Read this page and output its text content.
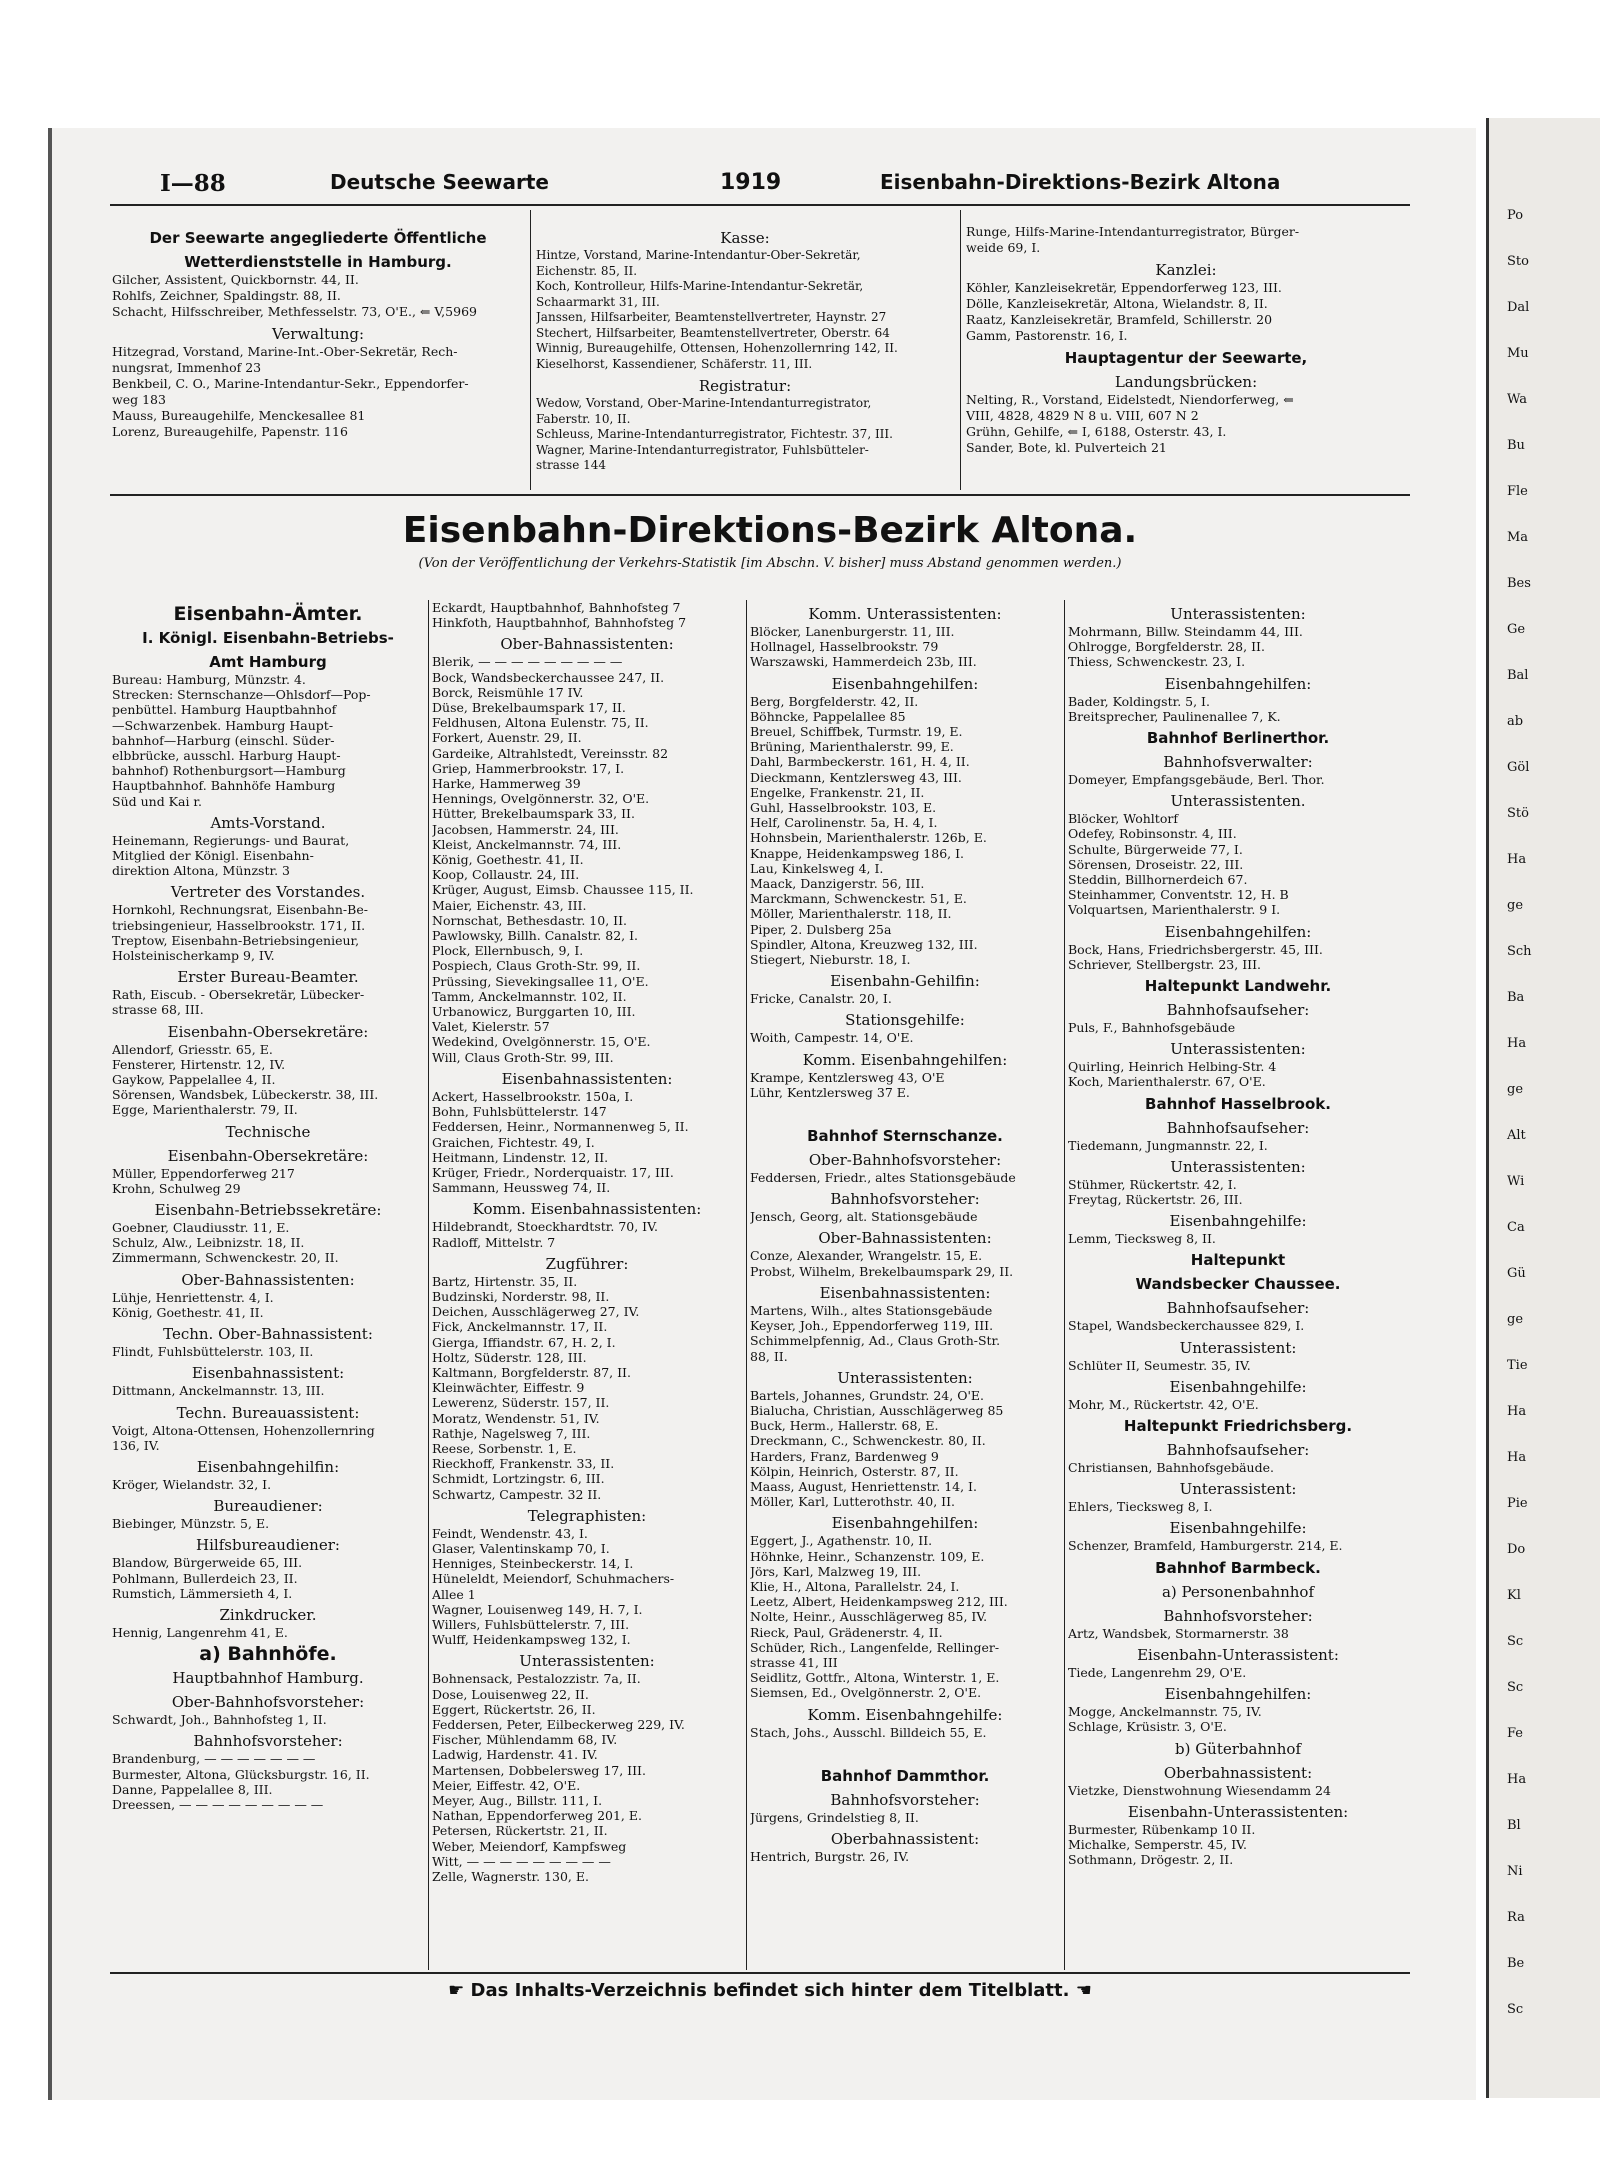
Po
Sto
Dal
Mu
Wa
Bu
Fle
Ma
Bes
Ge
Bal
ab
Göl
Stö
Ha
ge
Sch
Ba
Ha
ge
Alt
Wi
Ca
Gü
ge
Tie
Ha
Ha
Pie
Do
Kl
Sc
Sc
Fe
Ha
Bl
Ni
Ra
Be
Sc
I—88	Deutsche Seewarte	1919	Eisenbahn-Direktions-Bezirk Altona
Der Seewarte angegliederte Öffentliche
Wetterdienststelle in Hamburg.
Gilcher, Assistent, Quickbornstr. 44, II.
Rohlfs, Zeichner, Spaldingstr. 88, II.
Schacht, Hilfsschreiber, Methfesselstr. 73, O'E., ⇐ V,5969
Verwaltung:
Hitzegrad, Vorstand, Marine-Int.-Ober-Sekretär, Rech-
nungsrat, Immenhof 23
Benkbeil, C. O., Marine-Intendantur-Sekr., Eppendorfer-
weg 183
Mauss, Bureaugehilfe, Menckesallee 81
Lorenz, Bureaugehilfe, Papenstr. 116
Kasse:
Hintze, Vorstand, Marine-Intendantur-Ober-Sekretär,
Eichenstr. 85, II.
Koch, Kontrolleur, Hilfs-Marine-Intendantur-Sekretär,
Schaarmarkt 31, III.
Janssen, Hilfsarbeiter, Beamtenstellvertreter, Haynstr. 27
Stechert, Hilfsarbeiter, Beamtenstellvertreter, Oberstr. 64
Winnig, Bureaugehilfe, Ottensen, Hohenzollernring 142, II.
Kieselhorst, Kassendiener, Schäferstr. 11, III.
Registratur:
Wedow, Vorstand, Ober-Marine-Intendanturregistrator,
Faberstr. 10, II.
Schleuss, Marine-Intendanturregistrator, Fichtestr. 37, III.
Wagner, Marine-Intendanturregistrator, Fuhlsbütteler-
strasse 144
Runge, Hilfs-Marine-Intendanturregistrator, Bürger-
weide 69, I.
Kanzlei:
Köhler, Kanzleisekretär, Eppendorferweg 123, III.
Dölle, Kanzleisekretär, Altona, Wielandstr. 8, II.
Raatz, Kanzleisekretär, Bramfeld, Schillerstr. 20
Gamm, Pastorenstr. 16, I.
Hauptagentur der Seewarte,
Landungsbrücken:
Nelting, R., Vorstand, Eidelstedt, Niendorferweg, ⇐
VIII, 4828, 4829 N 8 u. VIII, 607 N 2
Grühn, Gehilfe, ⇐ I, 6188, Osterstr. 43, I.
Sander, Bote, kl. Pulverteich 21
Eisenbahn-Direktions-Bezirk Altona.
(Von der Veröffentlichung der Verkehrs-Statistik [im Abschn. V. bisher] muss Abstand genommen werden.)
Eisenbahn-Ämter.
I. Königl. Eisenbahn-Betriebs-
Amt Hamburg
Bureau: Hamburg, Münzstr. 4.
Strecken: Sternschanze—Ohlsdorf—Pop-
penbüttel. Hamburg Hauptbahnhof
—Schwarzenbek. Hamburg Haupt-
bahnhof—Harburg (einschl. Süder-
elbbrücke, ausschl. Harburg Haupt-
bahnhof) Rothenburgsort—Hamburg
Hauptbahnhof. Bahnhöfe Hamburg
Süd und Kai r.
Amts-Vorstand.
Heinemann, Regierungs- und Baurat,
Mitglied der Königl. Eisenbahn-
direktion Altona, Münzstr. 3
Vertreter des Vorstandes.
Hornkohl, Rechnungsrat, Eisenbahn-Be-
triebsingenieur, Hasselbrookstr. 171, II.
Treptow, Eisenbahn-Betriebsingenieur,
Holsteinischerkamp 9, IV.
Erster Bureau-Beamter.
Rath, Eiscub. - Obersekretär, Lübecker-
strasse 68, III.
Eisenbahn-Obersekretäre:
Allendorf, Griesstr. 65, E.
Fensterer, Hirtenstr. 12, IV.
Gaykow, Pappelallee 4, II.
Sörensen, Wandsbek, Lübeckerstr. 38, III.
Egge, Marienthalerstr. 79, II.
Technische
Eisenbahn-Obersekretäre:
Müller, Eppendorferweg 217
Krohn, Schulweg 29
Eisenbahn-Betriebssekretäre:
Goebner, Claudiusstr. 11, E.
Schulz, Alw., Leibnizstr. 18, II.
Zimmermann, Schwenckestr. 20, II.
Ober-Bahnassistenten:
Lühje, Henriettenstr. 4, I.
König, Goethestr. 41, II.
Techn. Ober-Bahnassistent:
Flindt, Fuhlsbüttelerstr. 103, II.
Eisenbahnassistent:
Dittmann, Anckelmannstr. 13, III.
Techn. Bureauassistent:
Voigt, Altona-Ottensen, Hohenzollernring
136, IV.
Eisenbahngehilfin:
Kröger, Wielandstr. 32, I.
Bureaudiener:
Biebinger, Münzstr. 5, E.
Hilfsbureaudiener:
Blandow, Bürgerweide 65, III.
Pohlmann, Bullerdeich 23, II.
Rumstich, Lämmersieth 4, I.
Zinkdrucker.
Hennig, Langenrehm 41, E.
a) Bahnhöfe.
Hauptbahnhof Hamburg.
Ober-Bahnhofsvorsteher:
Schwardt, Joh., Bahnhofsteg 1, II.
Bahnhofsvorsteher:
Brandenburg, — — — — — — —
Burmester, Altona, Glücksburgstr. 16, II.
Danne, Pappelallee 8, III.
Dreessen, — — — — — — — — —
Eckardt, Hauptbahnhof, Bahnhofsteg 7
Hinkfoth, Hauptbahnhof, Bahnhofsteg 7
Ober-Bahnassistenten:
Blerik, — — — — — — — — —
Bock, Wandsbeckerchaussee 247, II.
Borck, Reismühle 17 IV.
Düse, Brekelbaumspark 17, II.
Feldhusen, Altona Eulenstr. 75, II.
Forkert, Auenstr. 29, II.
Gardeike, Altrahlstedt, Vereinsstr. 82
Griep, Hammerbrookstr. 17, I.
Harke, Hammerweg 39
Hennings, Ovelgönnerstr. 32, O'E.
Hütter, Brekelbaumspark 33, II.
Jacobsen, Hammerstr. 24, III.
Kleist, Anckelmannstr. 74, III.
König, Goethestr. 41, II.
Koop, Collaustr. 24, III.
Krüger, August, Eimsb. Chaussee 115, II.
Maier, Eichenstr. 43, III.
Nornschat, Bethesdastr. 10, II.
Pawlowsky, Billh. Canalstr. 82, I.
Plock, Ellernbusch, 9, I.
Pospiech, Claus Groth-Str. 99, II.
Prüssing, Sievekingsallee 11, O'E.
Tamm, Anckelmannstr. 102, II.
Urbanowicz, Burggarten 10, III.
Valet, Kielerstr. 57
Wedekind, Ovelgönnerstr. 15, O'E.
Will, Claus Groth-Str. 99, III.
Eisenbahnassistenten:
Ackert, Hasselbrookstr. 150a, I.
Bohn, Fuhlsbüttelerstr. 147
Feddersen, Heinr., Normannenweg 5, II.
Graichen, Fichtestr. 49, I.
Heitmann, Lindenstr. 12, II.
Krüger, Friedr., Norderquaistr. 17, III.
Sammann, Heussweg 74, II.
Komm. Eisenbahnassistenten:
Hildebrandt, Stoeckhardtstr. 70, IV.
Radloff, Mittelstr. 7
Zugführer:
Bartz, Hirtenstr. 35, II.
Budzinski, Norderstr. 98, II.
Deichen, Ausschlägerweg 27, IV.
Fick, Anckelmannstr. 17, II.
Gierga, Iffiandstr. 67, H. 2, I.
Holtz, Süderstr. 128, III.
Kaltmann, Borgfelderstr. 87, II.
Kleinwächter, Eiffestr. 9
Lewerenz, Süderstr. 157, II.
Moratz, Wendenstr. 51, IV.
Rathje, Nagelsweg 7, III.
Reese, Sorbenstr. 1, E.
Rieckhoff, Frankenstr. 33, II.
Schmidt, Lortzingstr. 6, III.
Schwartz, Campestr. 32 II.
Telegraphisten:
Feindt, Wendenstr. 43, I.
Glaser, Valentinskamp 70, I.
Henniges, Steinbeckerstr. 14, I.
Hüneleldt, Meiendorf, Schuhmachers-
Allee 1
Wagner, Louisenweg 149, H. 7, I.
Willers, Fuhlsbüttelerstr. 7, III.
Wulff, Heidenkampsweg 132, I.
Unterassistenten:
Bohnensack, Pestalozzistr. 7a, II.
Dose, Louisenweg 22, II.
Eggert, Rückertstr. 26, II.
Feddersen, Peter, Eilbeckerweg 229, IV.
Fischer, Mühlendamm 68, IV.
Ladwig, Hardenstr. 41. IV.
Martensen, Dobbelersweg 17, III.
Meier, Eiffestr. 42, O'E.
Meyer, Aug., Billstr. 111, I.
Nathan, Eppendorferweg 201, E.
Petersen, Rückertstr. 21, II.
Weber, Meiendorf, Kampfsweg
Witt, — — — — — — — — —
Zelle, Wagnerstr. 130, E.
Komm. Unterassistenten:
Blöcker, Lanenburgerstr. 11, III.
Hollnagel, Hasselbrookstr. 79
Warszawski, Hammerdeich 23b, III.
Eisenbahngehilfen:
Berg, Borgfelderstr. 42, II.
Böhncke, Pappelallee 85
Breuel, Schiffbek, Turmstr. 19, E.
Brüning, Marienthalerstr. 99, E.
Dahl, Barmbeckerstr. 161, H. 4, II.
Dieckmann, Kentzlersweg 43, III.
Engelke, Frankenstr. 21, II.
Guhl, Hasselbrookstr. 103, E.
Helf, Carolinenstr. 5a, H. 4, I.
Hohnsbein, Marienthalerstr. 126b, E.
Knappe, Heidenkampsweg 186, I.
Lau, Kinkelsweg 4, I.
Maack, Danzigerstr. 56, III.
Marckmann, Schwenckestr. 51, E.
Möller, Marienthalerstr. 118, II.
Piper, 2. Dulsberg 25a
Spindler, Altona, Kreuzweg 132, III.
Stiegert, Nieburstr. 18, I.
Eisenbahn-Gehilfin:
Fricke, Canalstr. 20, I.
Stationsgehilfe:
Woith, Campestr. 14, O'E.
Komm. Eisenbahngehilfen:
Krampe, Kentzlersweg 43, O'E
Lühr, Kentzlersweg 37 E.
Bahnhof Sternschanze.
Ober-Bahnhofsvorsteher:
Feddersen, Friedr., altes Stationsgebäude
Bahnhofsvorsteher:
Jensch, Georg, alt. Stationsgebäude
Ober-Bahnassistenten:
Conze, Alexander, Wrangelstr. 15, E.
Probst, Wilhelm, Brekelbaumspark 29, II.
Eisenbahnassistenten:
Martens, Wilh., altes Stationsgebäude
Keyser, Joh., Eppendorferweg 119, III.
Schimmelpfennig, Ad., Claus Groth-Str.
88, II.
Unterassistenten:
Bartels, Johannes, Grundstr. 24, O'E.
Bialucha, Christian, Ausschlägerweg 85
Buck, Herm., Hallerstr. 68, E.
Dreckmann, C., Schwenckestr. 80, II.
Harders, Franz, Bardenweg 9
Kölpin, Heinrich, Osterstr. 87, II.
Maass, August, Henriettenstr. 14, I.
Möller, Karl, Lutterothstr. 40, II.
Eisenbahngehilfen:
Eggert, J., Agathenstr. 10, II.
Höhnke, Heinr., Schanzenstr. 109, E.
Jörs, Karl, Malzweg 19, III.
Klie, H., Altona, Parallelstr. 24, I.
Leetz, Albert, Heidenkampsweg 212, III.
Nolte, Heinr., Ausschlägerweg 85, IV.
Rieck, Paul, Grädenerstr. 4, II.
Schüder, Rich., Langenfelde, Rellinger-
strasse 41, III
Seidlitz, Gottfr., Altona, Winterstr. 1, E.
Siemsen, Ed., Ovelgönnerstr. 2, O'E.
Komm. Eisenbahngehilfe:
Stach, Johs., Ausschl. Billdeich 55, E.
Bahnhof Dammthor.
Bahnhofsvorsteher:
Jürgens, Grindelstieg 8, II.
Oberbahnassistent:
Hentrich, Burgstr. 26, IV.
Unterassistenten:
Mohrmann, Billw. Steindamm 44, III.
Ohlrogge, Borgfelderstr. 28, II.
Thiess, Schwenckestr. 23, I.
Eisenbahngehilfen:
Bader, Koldingstr. 5, I.
Breitsprecher, Paulinenallee 7, K.
Bahnhof Berlinerthor.
Bahnhofsverwalter:
Domeyer, Empfangsgebäude, Berl. Thor.
Unterassistenten.
Blöcker, Wohltorf
Odefey, Robinsonstr. 4, III.
Schulte, Bürgerweide 77, I.
Sörensen, Droseistr. 22, III.
Steddin, Billhornerdeich 67.
Steinhammer, Conventstr. 12, H. B
Volquartsen, Marienthalerstr. 9 I.
Eisenbahngehilfen:
Bock, Hans, Friedrichsbergerstr. 45, III.
Schriever, Stellbergstr. 23, III.
Haltepunkt Landwehr.
Bahnhofsaufseher:
Puls, F., Bahnhofsgebäude
Unterassistenten:
Quirling, Heinrich Helbing-Str. 4
Koch, Marienthalerstr. 67, O'E.
Bahnhof Hasselbrook.
Bahnhofsaufseher:
Tiedemann, Jungmannstr. 22, I.
Unterassistenten:
Stühmer, Rückertstr. 42, I.
Freytag, Rückertstr. 26, III.
Eisenbahngehilfe:
Lemm, Tiecksweg 8, II.
Haltepunkt
Wandsbecker Chaussee.
Bahnhofsaufseher:
Stapel, Wandsbeckerchaussee 829, I.
Unterassistent:
Schlüter II, Seumestr. 35, IV.
Eisenbahngehilfe:
Mohr, M., Rückertstr. 42, O'E.
Haltepunkt Friedrichsberg.
Bahnhofsaufseher:
Christiansen, Bahnhofsgebäude.
Unterassistent:
Ehlers, Tiecksweg 8, I.
Eisenbahngehilfe:
Schenzer, Bramfeld, Hamburgerstr. 214, E.
Bahnhof Barmbeck.
a) Personenbahnhof
Bahnhofsvorsteher:
Artz, Wandsbek, Stormarnerstr. 38
Eisenbahn-Unterassistent:
Tiede, Langenrehm 29, O'E.
Eisenbahngehilfen:
Mogge, Anckelmannstr. 75, IV.
Schlage, Krüsistr. 3, O'E.
b) Güterbahnhof
Oberbahnassistent:
Vietzke, Dienstwohnung Wiesendamm 24
Eisenbahn-Unterassistenten:
Burmester, Rübenkamp 10 II.
Michalke, Semperstr. 45, IV.
Sothmann, Drögestr. 2, II.
☛ Das Inhalts-Verzeichnis befindet sich hinter dem Titelblatt. ☚
